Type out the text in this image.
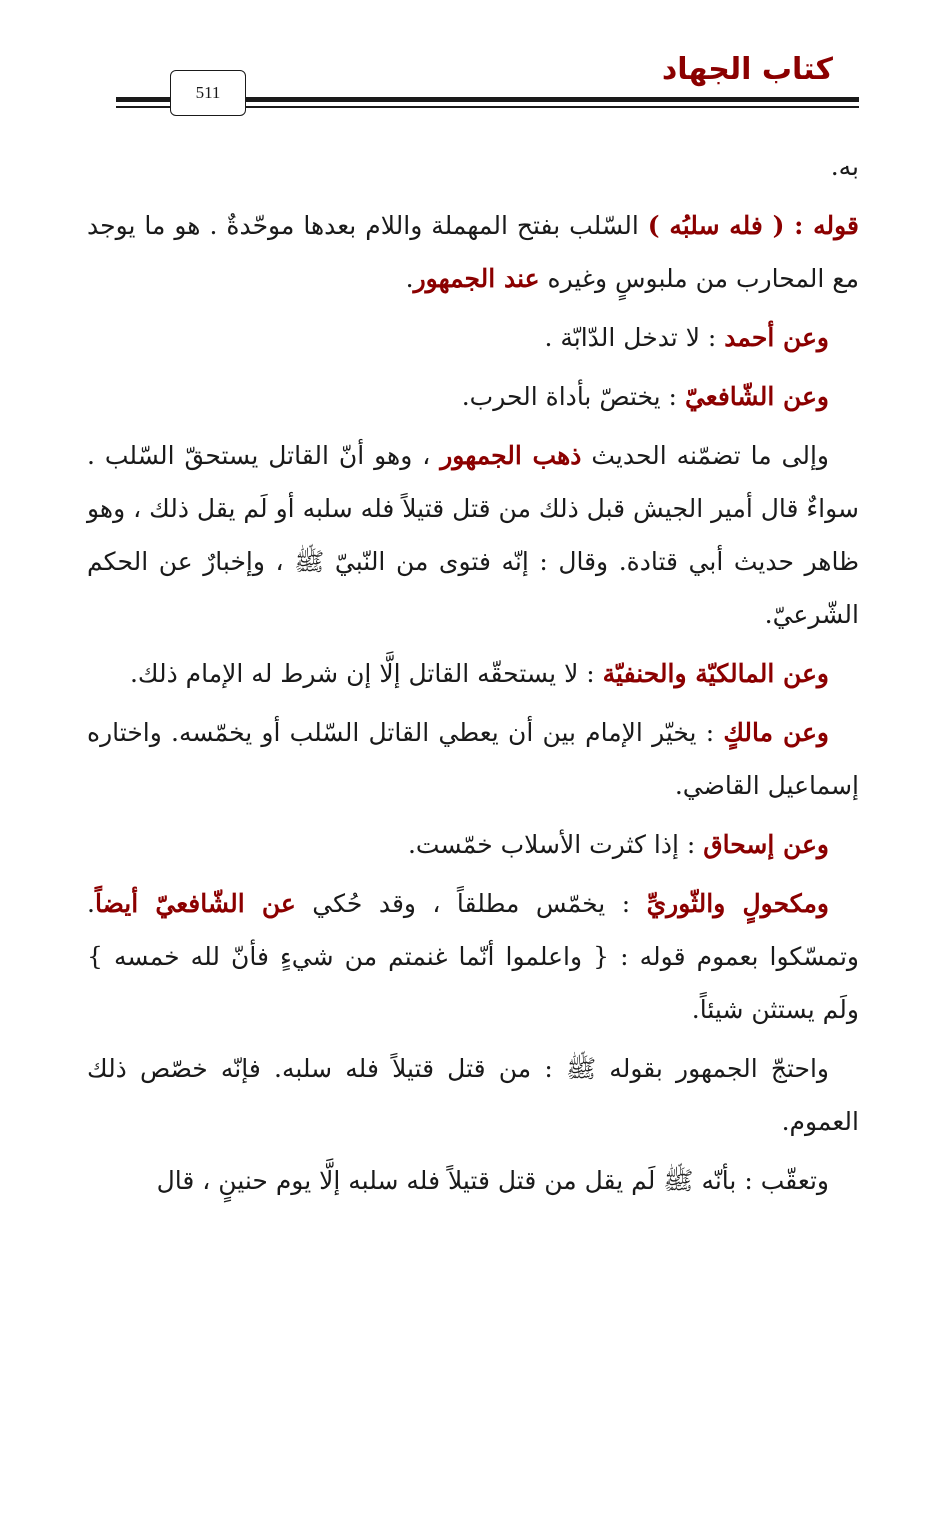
كتاب الجهاد
511

به.

قوله : ( فله سلبُه ) السّلب بفتح المهملة واللام بعدها موحّدةٌ . هو ما يوجد مع المحارب من ملبوسٍ وغيره عند الجمهور.

وعن أحمد : لا تدخل الدّابّة .

وعن الشّافعيّ : يختصّ بأداة الحرب.

وإلى ما تضمّنه الحديث ذهب الجمهور ، وهو أنّ القاتل يستحقّ السّلب . سواءٌ قال أمير الجيش قبل ذلك من قتل قتيلاً فله سلبه أو لَم يقل ذلك ، وهو ظاهر حديث أبي قتادة. وقال : إنّه فتوى من النّبيّ ﷺ ، وإخبارٌ عن الحكم الشّرعيّ.

وعن المالكيّة والحنفيّة : لا يستحقّه القاتل إلَّا إن شرط له الإمام ذلك.

وعن مالكٍ : يخيّر الإمام بين أن يعطي القاتل السّلب أو يخمّسه. واختاره إسماعيل القاضي.

وعن إسحاق : إذا كثرت الأسلاب خمّست.

ومكحولٍ والثّوريِّ : يخمّس مطلقاً ، وقد حُكي عن الشّافعيّ أيضاً. وتمسّكوا بعموم قوله : { واعلموا أنّما غنمتم من شيءٍ فأنّ لله خمسه } ولَم يستثن شيئاً.

واحتجّ الجمهور بقوله ﷺ : من قتل قتيلاً فله سلبه. فإنّه خصّص ذلك العموم.

وتعقّب : بأنّه ﷺ لَم يقل من قتل قتيلاً فله سلبه إلَّا يوم حنينٍ ، قال
